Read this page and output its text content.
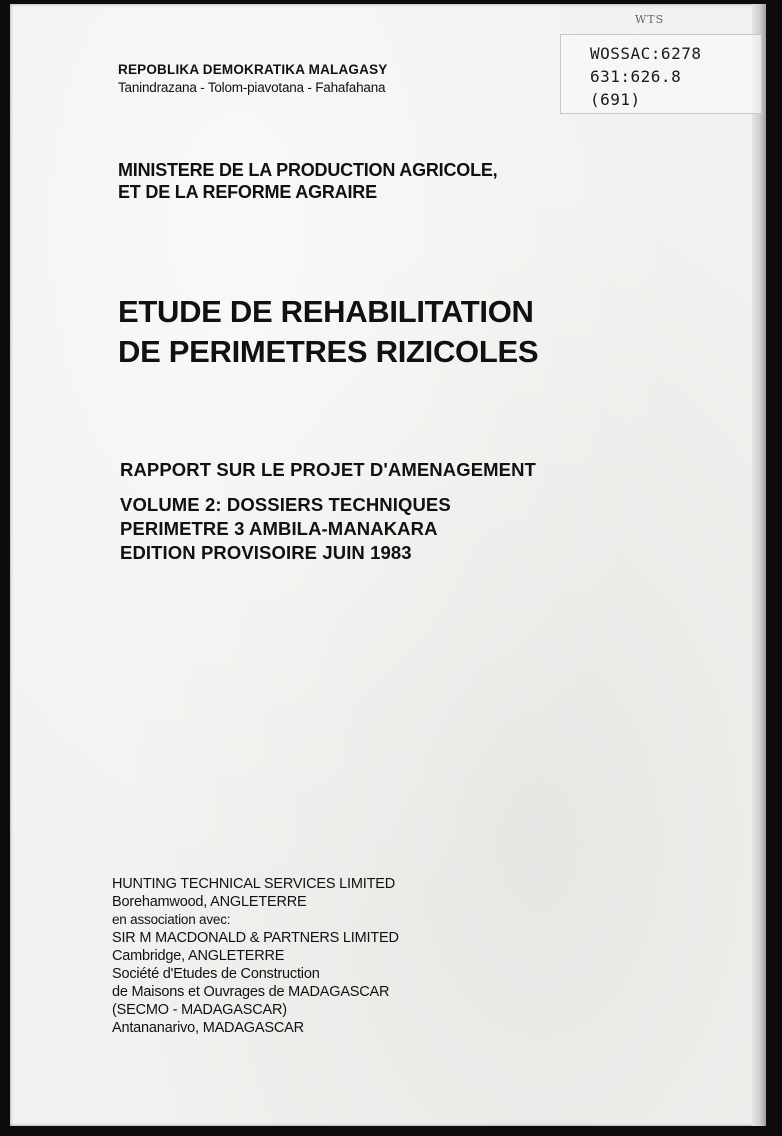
REPOBLIKA DEMOKRATIKA MALAGASY
Tanindrazana - Tolom-piavotana - Fahafahana
WTS
WOSSAC:6278
631:626.8
(691)
MINISTERE DE LA PRODUCTION AGRICOLE,
ET DE LA REFORME AGRAIRE
ETUDE DE REHABILITATION
DE PERIMETRES RIZICOLES
RAPPORT SUR LE PROJET D'AMENAGEMENT
VOLUME 2: DOSSIERS TECHNIQUES
PERIMETRE 3 AMBILA-MANAKARA
EDITION PROVISOIRE JUIN 1983
HUNTING TECHNICAL SERVICES LIMITED
Borehamwood, ANGLETERRE
en association avec:
SIR M MACDONALD & PARTNERS LIMITED
Cambridge, ANGLETERRE
Société d'Etudes de Construction
de Maisons et Ouvrages de MADAGASCAR
(SECMO - MADAGASCAR)
Antananarivo, MADAGASCAR
